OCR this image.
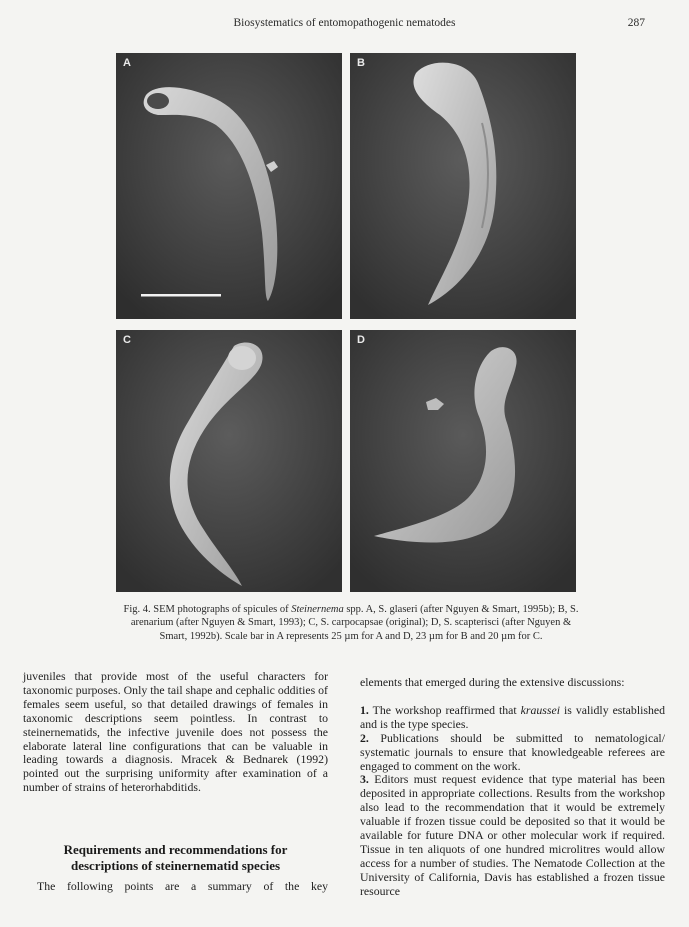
Biosystematics of entomopathogenic nematodes	287
A	B
C	D
Fig. 4. SEM photographs of spicules of Steinernema spp. A, S. glaseri (after Nguyen & Smart, 1995b); B, S. arenarium (after Nguyen & Smart, 1993); C, S. carpocapsae (original); D, S. scapterisci (after Nguyen & Smart, 1992b). Scale bar in A represents 25 µm for A and D, 23 µm for B and 20 µm for C.

juveniles that provide most of the useful characters for taxonomic purposes. Only the tail shape and cephalic oddities of females seem useful, so that detailed drawings of females in taxonomic descriptions seem pointless. In contrast to steinernematids, the infective juvenile does not possess the elaborate lateral line configurations that can be valuable in leading towards a diagnosis. Mracek & Bednarek (1992) pointed out the surprising uniformity after examination of a number of strains of heterorhabditids.

Requirements and recommendations for
descriptions of steinernematid species
The following points are a summary of the key

elements that emerged during the extensive discussions:

1. The workshop reaffirmed that kraussei is validly established and is the type species.

2. Publications should be submitted to nematological/ systematic journals to ensure that knowledgeable referees are engaged to comment on the work.

3. Editors must request evidence that type material has been deposited in appropriate collections. Results from the workshop also lead to the recommendation that it would be extremely valuable if frozen tissue could be deposited so that it would be available for future DNA or other molecular work if required. Tissue in ten aliquots of one hundred microlitres would allow access for a number of studies. The Nematode Collection at the University of California, Davis has established a frozen tissue resource
